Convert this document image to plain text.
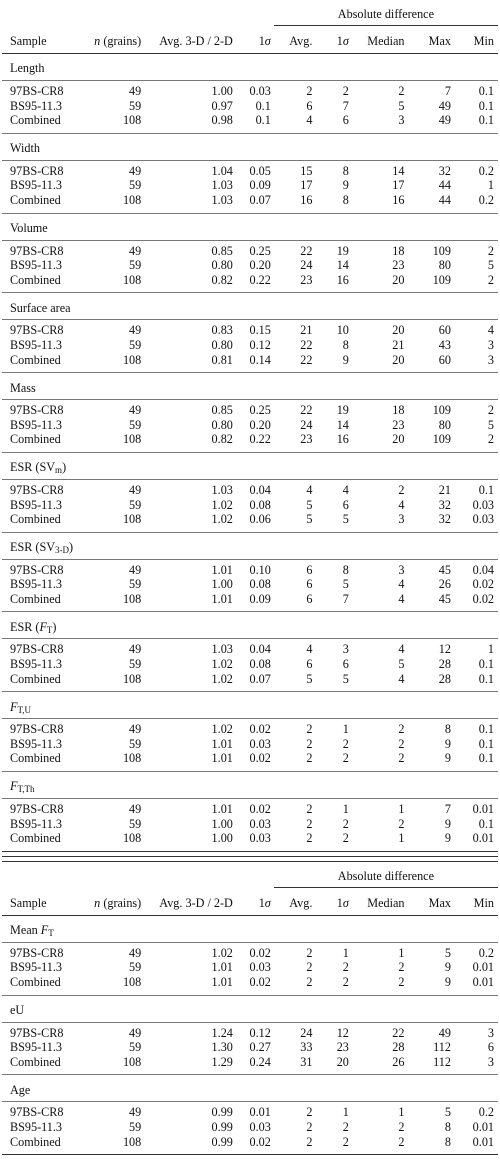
				Absolute difference				
Sample	n (grains)	Avg. 3-D / 2-D	1σ	Avg.	1σ	Median	Max	Min
Length								
97BS-CR8	49	1.00	0.03	2	2	2	7	0.1
BS95-11.3	59	0.97	0.1	6	7	5	49	0.1
Combined	108	0.98	0.1	4	6	3	49	0.1
Width								
97BS-CR8	49	1.04	0.05	15	8	14	32	0.2
BS95-11.3	59	1.03	0.09	17	9	17	44	1
Combined	108	1.03	0.07	16	8	16	44	0.2
Volume								
97BS-CR8	49	0.85	0.25	22	19	18	109	2
BS95-11.3	59	0.80	0.20	24	14	23	80	5
Combined	108	0.82	0.22	23	16	20	109	2
Surface area								
97BS-CR8	49	0.83	0.15	21	10	20	60	4
BS95-11.3	59	0.80	0.12	22	8	21	43	3
Combined	108	0.81	0.14	22	9	20	60	3
Mass								
97BS-CR8	49	0.85	0.25	22	19	18	109	2
BS95-11.3	59	0.80	0.20	24	14	23	80	5
Combined	108	0.82	0.22	23	16	20	109	2
ESR $(SV_m)$								
97BS-CR8	49	1.03	0.04	4	4	2	21	0.1
BS95-11.3	59	1.02	0.08	5	6	4	32	0.03
Combined	108	1.02	0.06	5	5	3	32	0.03
ESR $(SV_{3-D})$								
97BS-CR8	49	1.01	0.10	6	8	3	45	0.04
BS95-11.3	59	1.00	0.08	6	5	4	26	0.02
Combined	108	1.01	0.09	6	7	4	45	0.02
ESR $(F_T)$								
97BS-CR8	49	1.03	0.04	4	3	4	12	1
BS95-11.3	59	1.02	0.08	6	6	5	28	0.1
Combined	108	1.02	0.07	5	5	4	28	0.1
$F_{T,U}$
97BS-CR8	49	1.02	0.02	2	1	2	8	0.1
BS95-11.3	59	1.01	0.03	2	2	2	9	0.1
Combined	108	1.01	0.02	2	2	2	9	0.1
$F_{T,Th}$
97BS-CR8	49	1.01	0.02	2	1	1	7	0.01
BS95-11.3	59	1.00	0.03	2	2	2	9	0.1
Combined	108	1.00	0.03	2	2	1	9	0.01
				Absolute difference				
Sample	n (grains)	Avg. 3-D / 2-D	1σ	Avg.	1σ	Median	Max	Min
Mean $F_T$
97BS-CR8	49	1.02	0.02	2	1	1	5	0.2
BS95-11.3	59	1.01	0.03	2	2	2	9	0.01
Combined	108	1.01	0.02	2	2	2	9	0.01
eU								
97BS-CR8	49	1.24	0.12	24	12	22	49	3
BS95-11.3	59	1.30	0.27	33	23	28	112	6
Combined	108	1.29	0.24	31	20	26	112	3
Age								
97BS-CR8	49	0.99	0.01	2	1	1	5	0.2
BS95-11.3	59	0.99	0.03	2	2	2	8	0.01
Combined	108	0.99	0.02	2	2	2	8	0.01
